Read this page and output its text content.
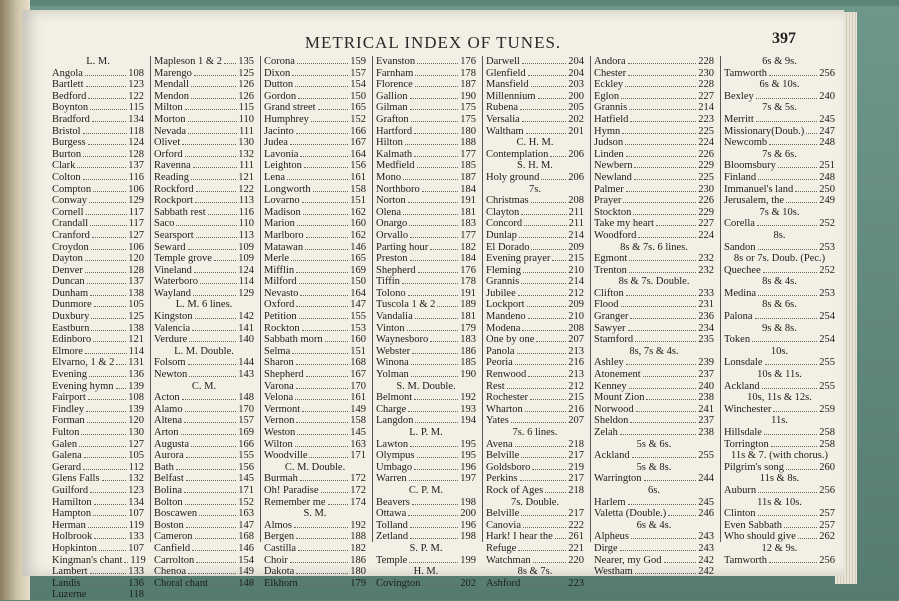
METRICAL INDEX OF TUNES.	397
L. M.
Angola	108
Bartlett	123
Bedford	122
Boynton	115
Bradford	134
Bristol	118
Burgess	124
Burton	128
Clark	137
Colton	116
Compton	106
Conway	129
Cornell	117
Crandall	117
Cranford	127
Croydon	106
Dayton	120
Denver	128
Duncan	137
Dunham	138
Dunmore	105
Duxbury	125
Eastburn	138
Edinboro	121
Elmore	114
Elvarno, 1 & 2 131
Evening	136
Evening hymn 139
Fairport	108
Findley	139
Forman	120
Fulton	130
Galen	127
Galena	105
Gerard	112
Glens Falls	132
Guilford	123
Hamilton	134
Hampton	107
Herman	119
Holbrook	133
Hopkinton	107
Kingman's chant 119
Lambert	133
Landis	136
Luzerne	118
Mapleson 1 & 2 135
Marengo	125
Mendall	126
Mendon	126
Milton	115
Morton	110
Nevada	111
Olivet	130
Orford	132
Ravenna	111
Reading	121
Rockford	122
Rockport	113
Sabbath rest	116
Saco	110
Searsport	113
Seward	109
Temple grove	109
Vineland	124
Waterboro	114
Wayland	129
L. M. 6 lines.
Kingston	142
Valencia	141
Verdure	140
L. M. Double.
Folsom	144
Newton	143
C. M.
Acton	148
Alamo	170
Altena	157
Arton	169
Augusta	166
Aurora	155
Bath	156
Belfast	145
Bolina	171
Bolton	152
Boscawen	163
Boston	147
Cameron	168
Canfield	146
Carrolton	154
Chenoa	149
Choral chant	148
Corona	159
Dixon	157
Dutton	154
Gordon	150
Grand street	165
Humphrey	152
Jacinto	166
Judea	167
Lavonia	164
Leighton	156
Lena	161
Longworth	158
Lovarno	151
Madison	162
Marion	160
Marlboro	162
Matawan	146
Merle	165
Mifflin	169
Milford	150
Nevasto	164
Oxford	147
Petition	155
Rockton	153
Sabbath morn	160
Selma	151
Sharon	168
Shepherd	167
Varona	170
Velona	161
Vermont	149
Vernon	158
Weston	145
Wilton	163
Woodville	171
C. M. Double.
Burmah	172
Oh! Paradise	172
Remember me 174
S. M.
Almos	192
Bergen	188
Castilla	182
Choir	186
Dakota	180
Elkhorn	179
Evanston	176
Farnham	178
Florence	187
Gallion	190
Gilman	175
Grafton	175
Hartford	180
Hilton	188
Kalmath	177
Medfield	185
Mono	187
Northboro	184
Norton	191
Olena	181
Onargo	183
Orvallo	177
Parting hour	182
Preston	184
Shepherd	176
Tiffin	178
Tolono	191
Tuscola 1 & 2 189
Vandalia	181
Vinton	179
Waynesboro	183
Webster	186
Winona	185
Yolman	190
S. M. Double.
Belmont	192
Charge	193
Langdon	194
L. P. M.
Lawton	195
Olympus	195
Umbago	196
Warren	197
C. P. M.
Beavers	198
Ottawa	200
Tolland	196
Zetland	198
S. P. M.
Temple	199
H. M.
Covington	202
Darwell	204
Glenfield	204
Mansfield	203
Millennium	200
Rubena	205
Versalia	202
Waltham	201
C. H. M.
Contemplation 206
S. H. M.
Holy ground	206
7s.
Christmas	208
Clayton	211
Concord	211
Dunlap	214
El Dorado	209
Evening prayer 215
Fleming	210
Grannis	214
Jubilee	212
Lockport	209
Mandeno	210
Modena	208
One by one	207
Panola	213
Peoria	216
Renwood	213
Rest	212
Rochester	215
Wharton	216
Yates	207
7s. 6 lines.
Avena	218
Belville	217
Goldsboro	219
Perkins	217
Rock of Ages 218
7s. Double.
Belville	217
Canovia	222
Hark! I hear the 261
Refuge	221
Watchman	220
8s & 7s.
Ashford	223
Andora	228
Chester	230
Eckley	228
Eglon	227
Grannis	214
Hatfield	223
Hymn	225
Judson	224
Linden	226
Newbern	229
Newland	225
Palmer	230
Prayer	226
Stockton	229
Take my heart	227
Woodford	224
8s & 7s. 6 lines.
Egmont	232
Trenton	232
8s & 7s. Double.
Clifton	233
Flood	231
Granger	236
Sawyer	234
Stamford	235
8s, 7s & 4s.
Ashley	239
Atonement	237
Kenney	240
Mount Zion	238
Norwood	241
Sheldon	237
Zelah	238
5s & 6s.
Ackland	255
5s & 8s.
Warrington	244
6s.
Harlem	245
Valetta (Double.)	246
6s & 4s.
Alpheus	243
Dirge	243
Nearer, my God	242
Westham	242
6s & 9s.
Tamworth	256
6s & 10s.
Bexley	240
7s & 5s.
Merritt	245
Missionary(Doub.) 247
Newcomb	248
7s & 6s.
Bloomsbury	251
Finland	248
Immanuel's land 250
Jerusalem, the	249
7s & 10s.
Corella	252
8s.
Sandon	253
8s or 7s. Doub. (Pec.)
Quechee	252
8s & 4s.
Medina	253
8s & 6s.
Palona	254
9s & 8s.
Token	254
10s.
Lonsdale	255
10s & 11s.
Ackland	255
10s, 11s & 12s.
Winchester	259
11s.
Hillsdale	258
Torrington	258
11s & 7. (with chorus.)
Pilgrim's song	260
11s & 8s.
Auburn	256
11s & 10s.
Clinton	257
Even Sabbath	257
Who should give 262
12 & 9s.
Tamworth	256
